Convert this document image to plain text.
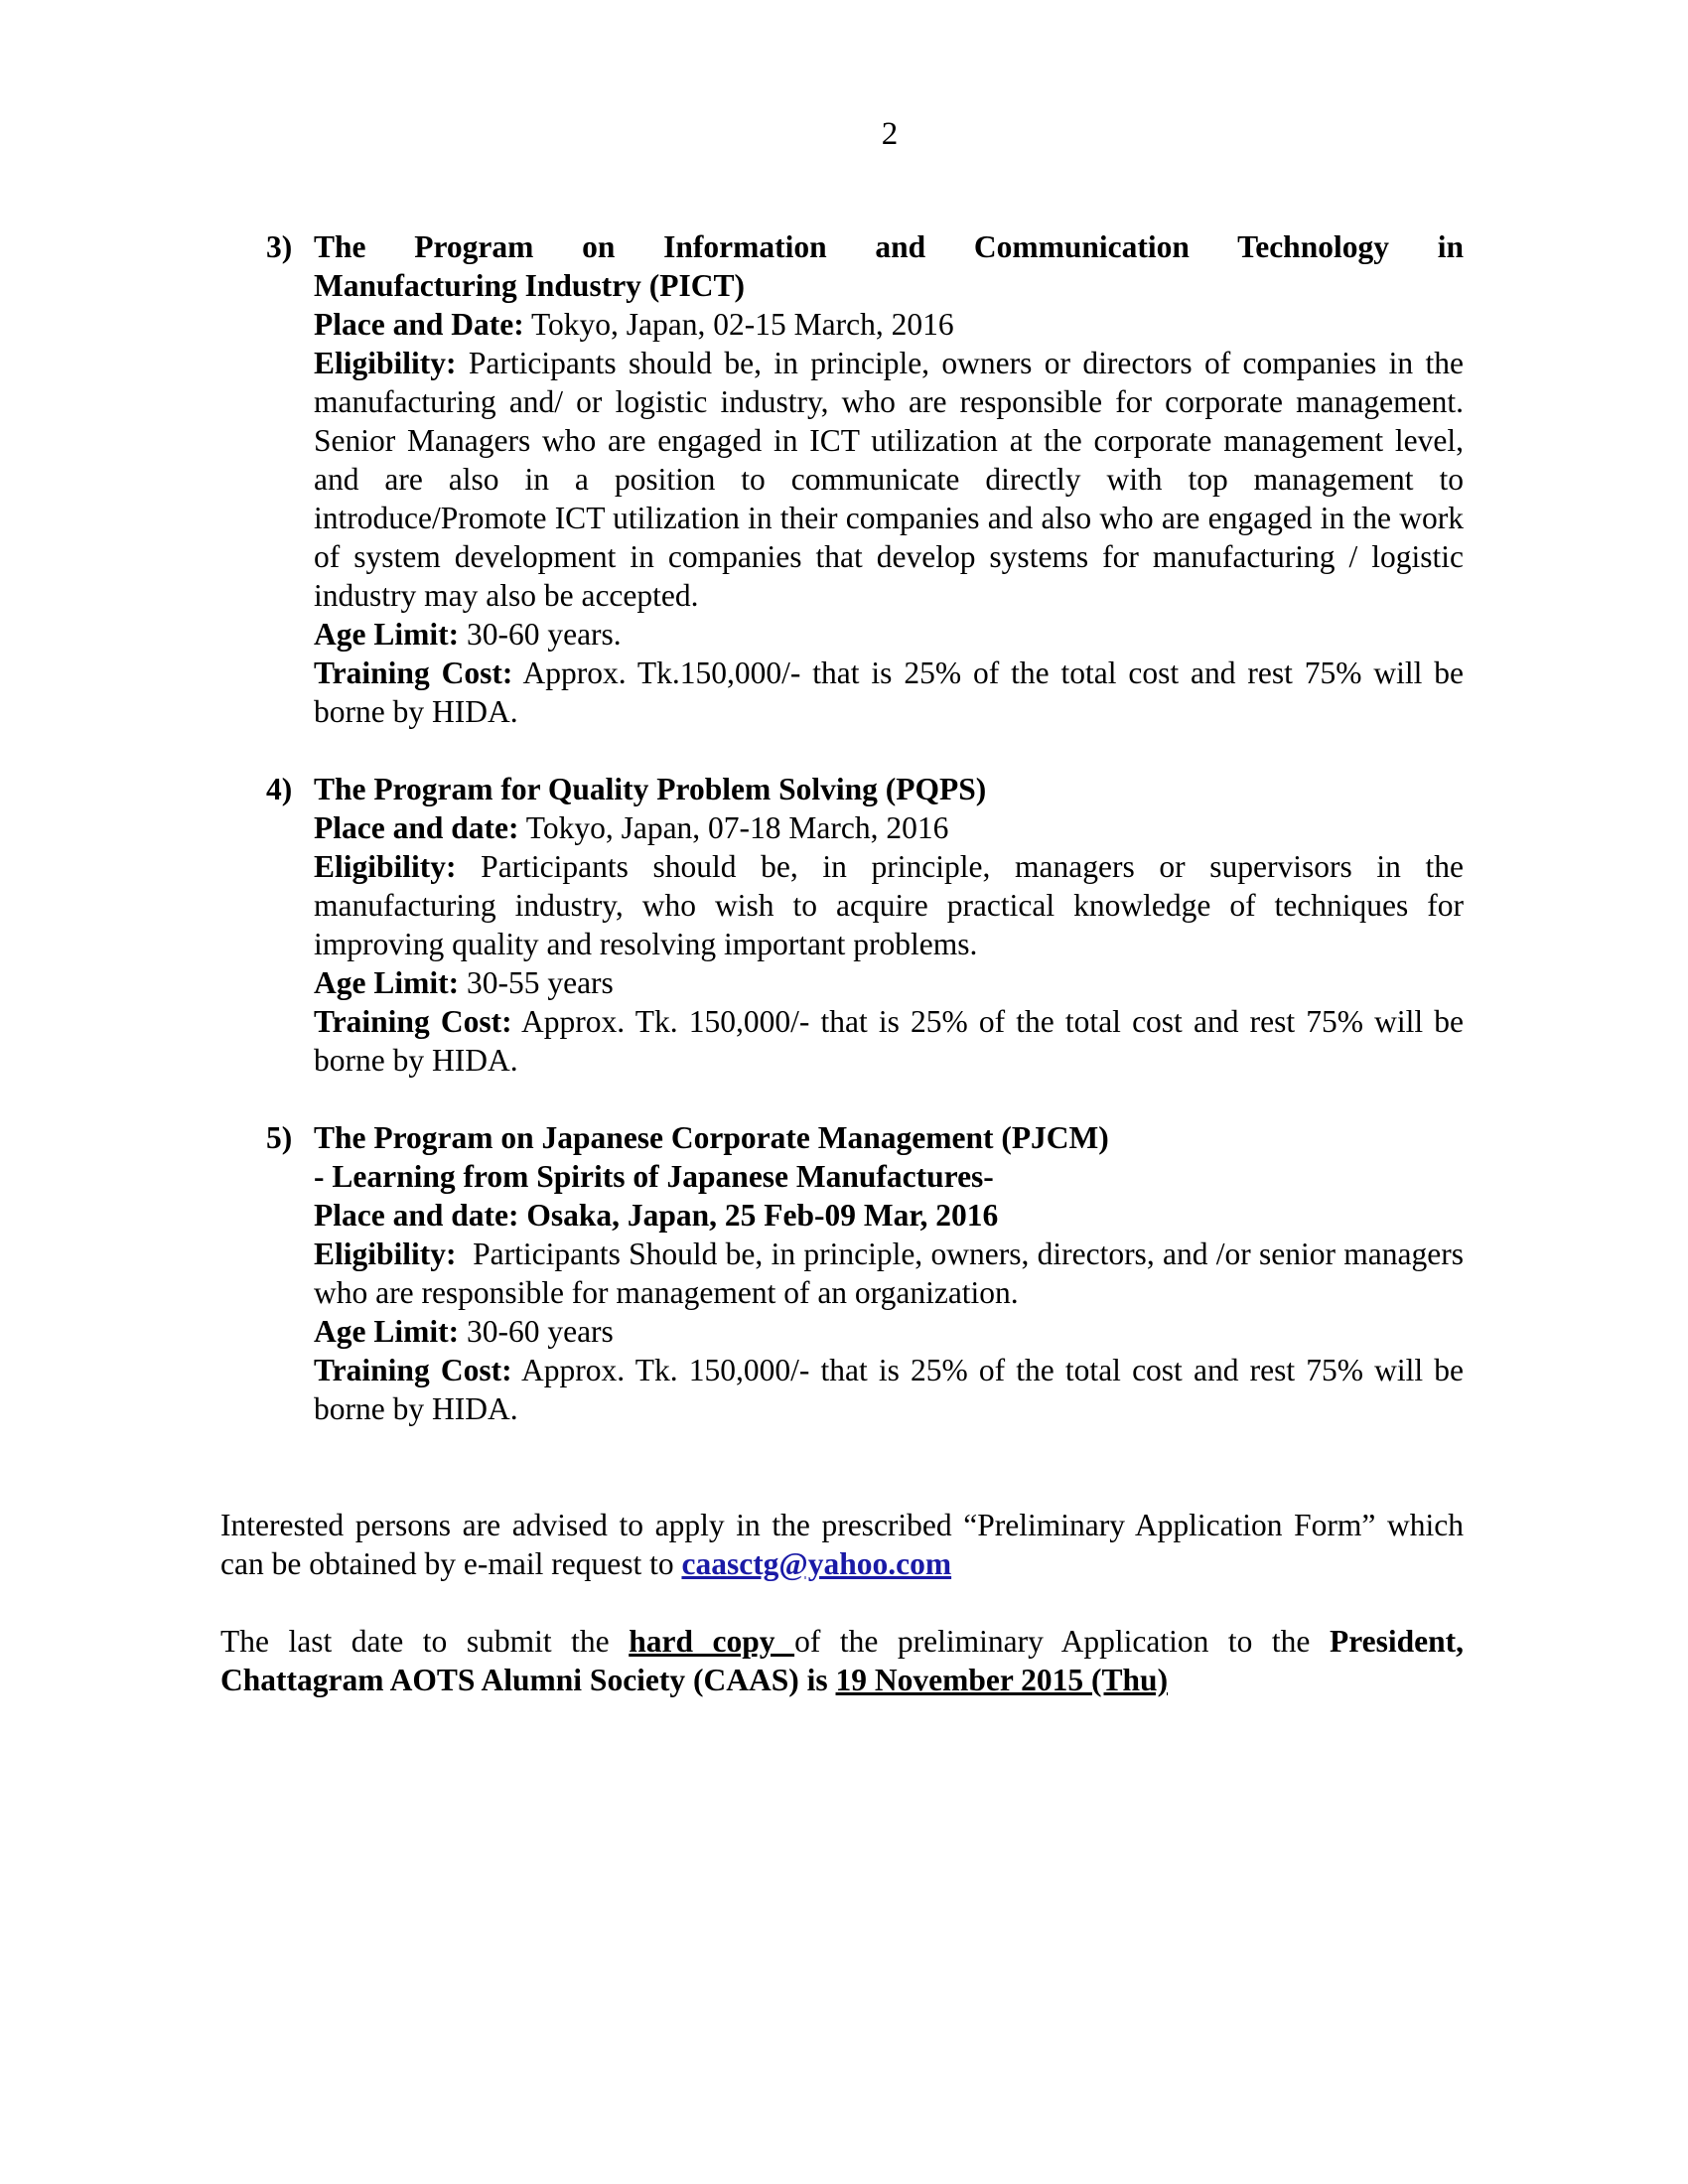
2
3) The Program on Information and Communication Technology in
Manufacturing Industry (PICT)
Place and Date: Tokyo, Japan, 02-15 March, 2016
Eligibility: Participants should be, in principle, owners or directors of companies in the manufacturing and/ or logistic industry, who are responsible for corporate management. Senior Managers who are engaged in ICT utilization at the corporate management level, and are also in a position to communicate directly with top management to introduce/Promote ICT utilization in their companies and also who are engaged in the work of system development in companies that develop systems for manufacturing / logistic industry may also be accepted.
Age Limit: 30-60 years.
Training Cost: Approx. Tk.150,000/- that is 25% of the total cost and rest 75% will be borne by HIDA.
4) The Program for Quality Problem Solving (PQPS)
Place and date: Tokyo, Japan, 07-18 March, 2016
Eligibility: Participants should be, in principle, managers or supervisors in the manufacturing industry, who wish to acquire practical knowledge of techniques for improving quality and resolving important problems.
Age Limit: 30-55 years
Training Cost: Approx. Tk. 150,000/- that is 25% of the total cost and rest 75% will be borne by HIDA.
5) The Program on Japanese Corporate Management (PJCM)
- Learning from Spirits of Japanese Manufactures-
Place and date: Osaka, Japan, 25 Feb-09 Mar, 2016
Eligibility:  Participants Should be, in principle, owners, directors, and /or senior managers who are responsible for management of an organization.
Age Limit: 30-60 years
Training Cost: Approx. Tk. 150,000/- that is 25% of the total cost and rest 75% will be borne by HIDA.
Interested persons are advised to apply in the prescribed “Preliminary Application Form” which can be obtained by e-mail request to caasctg@yahoo.com
The last date to submit the hard copy of the preliminary Application to the President, Chattagram AOTS Alumni Society (CAAS) is 19 November 2015 (Thu)
